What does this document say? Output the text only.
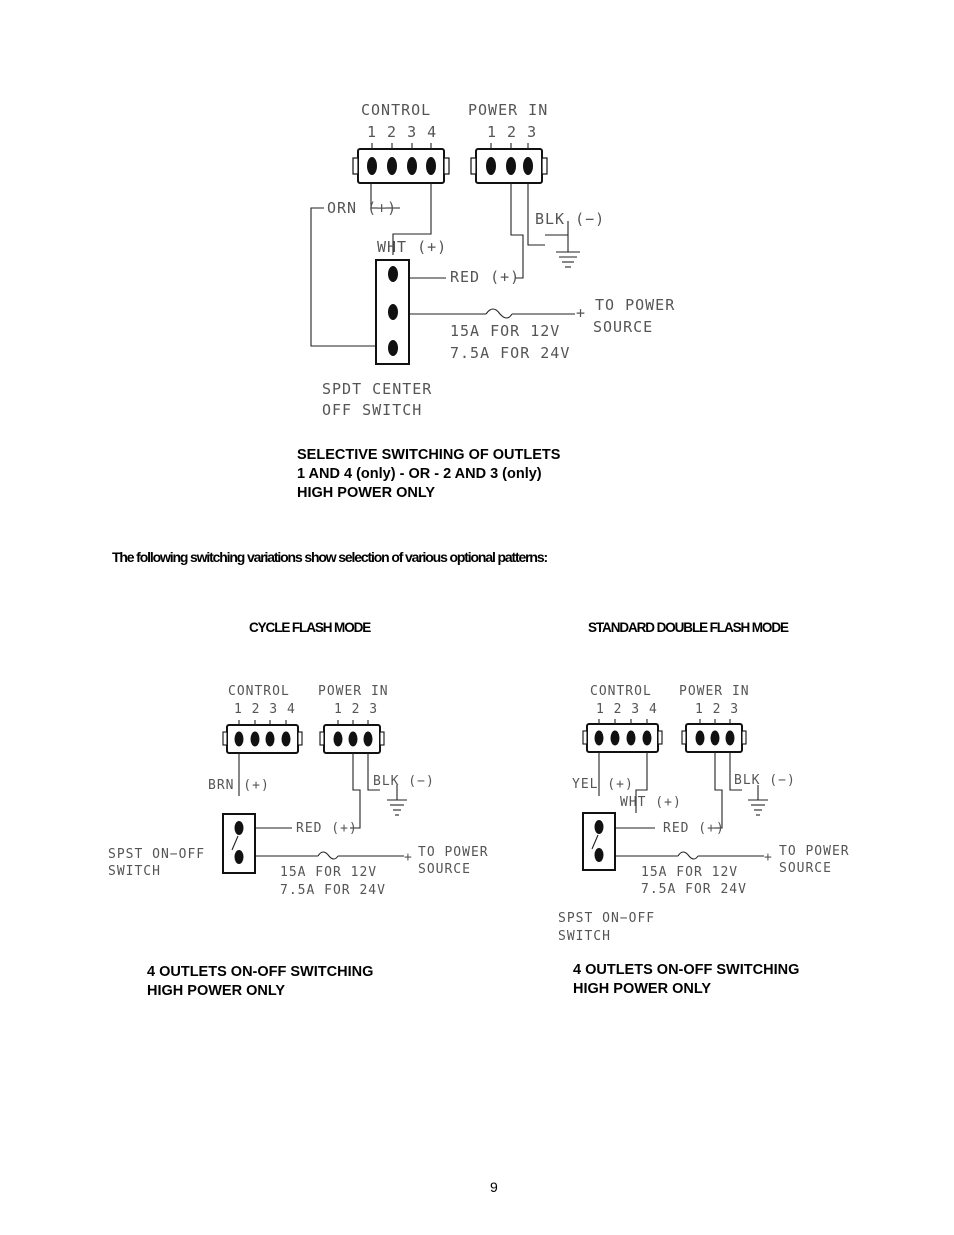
CONTROL
1 2 3 4
POWER IN
1 2 3
ORN (+)
WHT (+)
BLK (−)
RED (+)
+ TO POWER
SOURCE
15A FOR 12V
7.5A FOR 24V
SPDT CENTER
OFF SWITCH
CONTROL
1 2 3 4
POWER IN
1 2 3
BRN (+)	BLK (−)
RED (+)
SPST ON−OFF
SWITCH
+ TO POWER
SOURCE
15A FOR 12V
7.5A FOR 24V
CONTROL
1 2 3 4
POWER IN
1 2 3
YEL (+)
WHT (+)
BLK (−)
RED (+)
+ TO POWER
SOURCE
15A FOR 12V
7.5A FOR 24V
SPST ON−OFF
SWITCH
SELECTIVE SWITCHING OF OUTLETS
1 AND 4 (only) - OR - 2 AND 3 (only)
HIGH POWER ONLY
The following switching variations show selection of various optional patterns:
CYCLE FLASH MODE	STANDARD DOUBLE FLASH MODE
4 OUTLETS ON-OFF SWITCHING
HIGH POWER ONLY
4 OUTLETS ON-OFF SWITCHING
HIGH POWER ONLY
9
